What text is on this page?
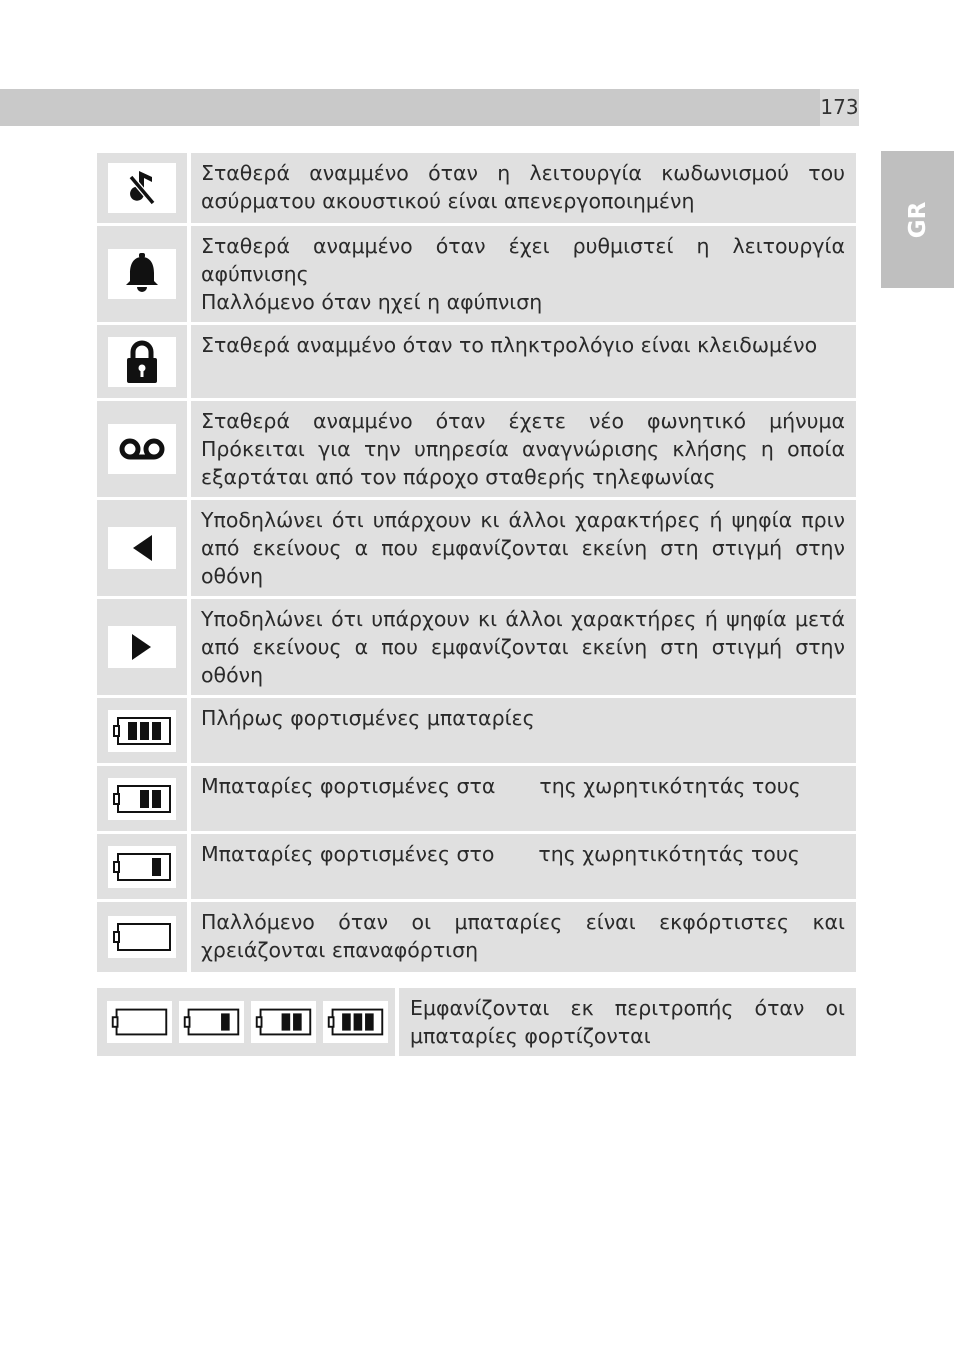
173
GR

Σταθερά αναμμένο όταν η λειτουργία κωδωνισμού του ασύρματου ακουστικού είναι απενεργοποιημένη

Σταθερά αναμμένο όταν έχει ρυθμιστεί η λειτουργία αφύπνισης
Παλλόμενο όταν ηχεί η αφύπνιση

Σταθερά αναμμένο όταν το πληκτρολόγιο είναι κλειδωμένο

Σταθερά αναμμένο όταν έχετε νέο φωνητικό μήνυμα Πρόκειται για την υπηρεσία αναγνώρισης κλήσης η οποία εξαρτάται από τον πάροχο σταθερής τηλεφωνίας

Υποδηλώνει ότι υπάρχουν κι άλλοι χαρακτήρες ή ψηφία πριν από εκείνους α που εμφανίζονται εκείνη στη στιγμή στην οθόνη

Υποδηλώνει ότι υπάρχουν κι άλλοι χαρακτήρες ή ψηφία μετά από εκείνους α που εμφανίζονται εκείνη στη στιγμή στην οθόνη

Πλήρως φορτισμένες μπαταρίες

	Μπαταρίες φορτισμένες στα της χωρητικότητάς τους

	Μπαταρίες φορτισμένες στο της χωρητικότητάς τους

Παλλόμενο όταν οι μπαταρίες είναι εκφόρτιστες και χρειάζονται επαναφόρτιση
Εμφανίζονται εκ περιτροπής όταν οι μπαταρίες φορτίζονται
